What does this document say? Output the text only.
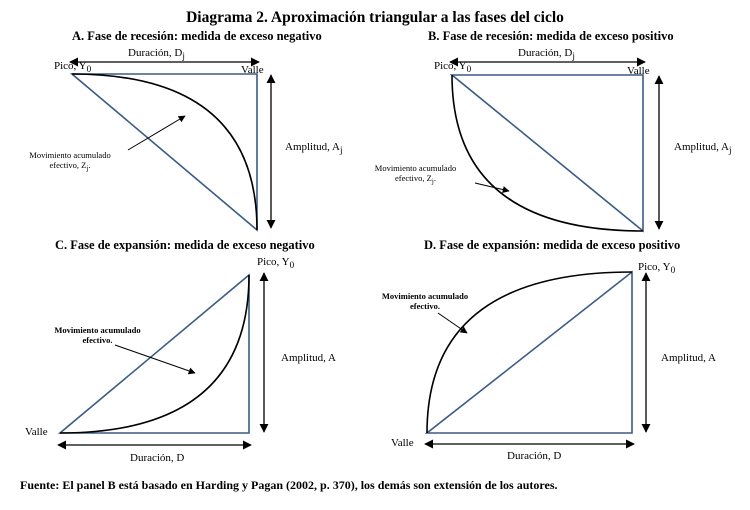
Diagrama 2. Aproximación triangular a las fases del ciclo
A. Fase de recesión: medida de exceso negativo
Duración, $D_j$
Pico, $Y_0$	Valle
Amplitud, $A_j$
Movimiento acumulado
efectivo, $Z_j$.
B. Fase de recesión: medida de exceso positivo
Duración, $D_j$
Pico, $Y_0$	Valle
Amplitud, $A_j$
Movimiento acumulado
efectivo, $Z_j$.
C. Fase de expansión: medida de exceso negativo
Pico, $Y_0$
Amplitud, A
Valle
Duración, D
Movimiento acumulado
efectivo.
D. Fase de expansión: medida de exceso positivo
Pico, $Y_0$
Amplitud, A
Valle
Duración, D
Movimiento acumulado
efectivo.
Fuente: El panel B está basado en Harding y Pagan (2002, p. 370), los demás son extensión de los autores.
